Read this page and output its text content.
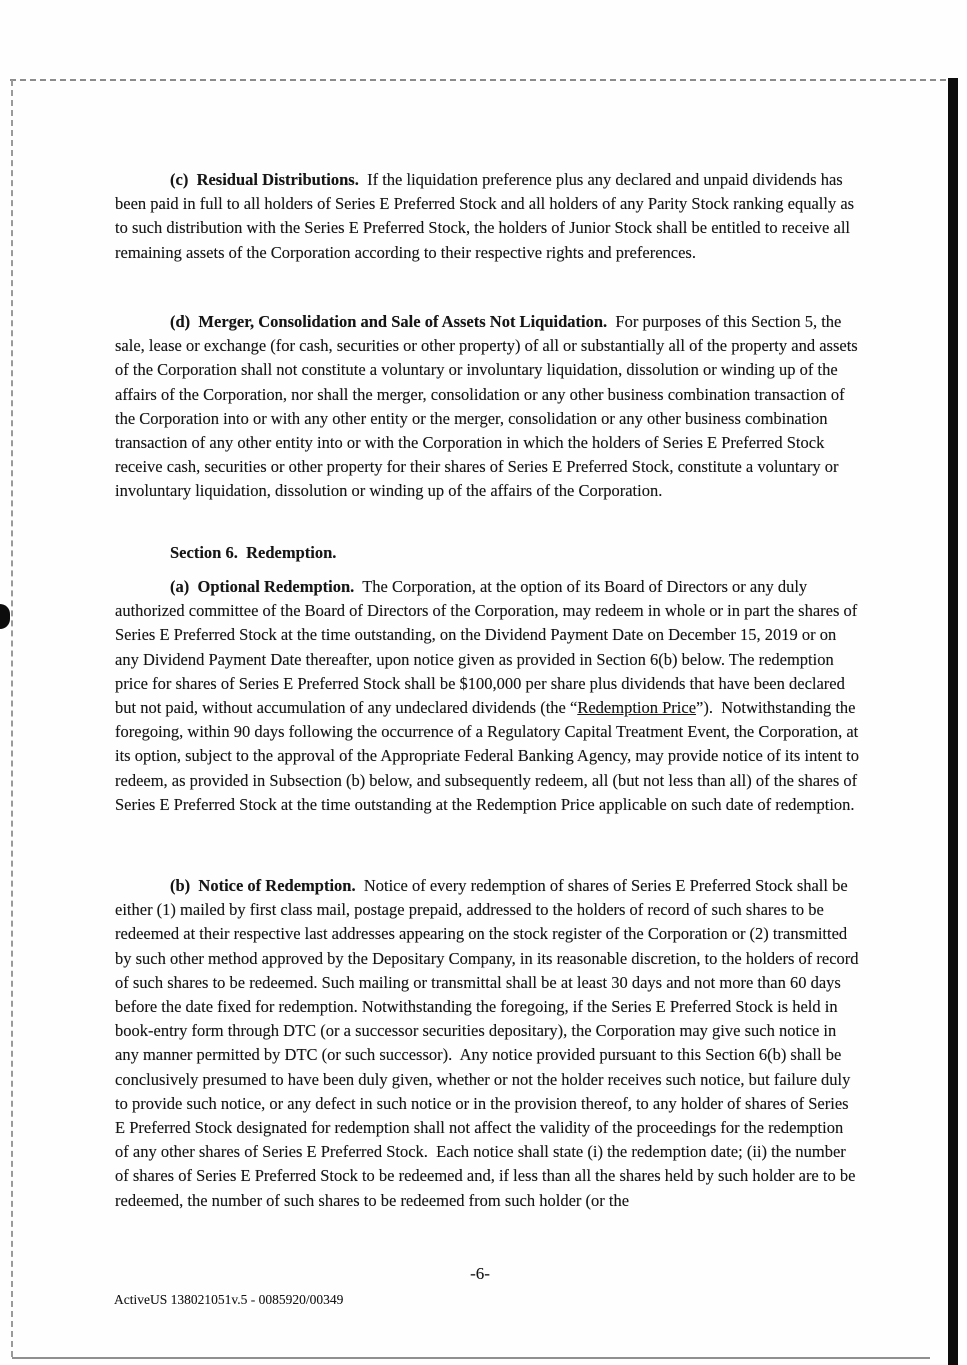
(c)  Residual Distributions.  If the liquidation preference plus any declared and unpaid dividends has been paid in full to all holders of Series E Preferred Stock and all holders of any Parity Stock ranking equally as to such distribution with the Series E Preferred Stock, the holders of Junior Stock shall be entitled to receive all remaining assets of the Corporation according to their respective rights and preferences.

(d)  Merger, Consolidation and Sale of Assets Not Liquidation.  For purposes of this Section 5, the sale, lease or exchange (for cash, securities or other property) of all or substantially all of the property and assets of the Corporation shall not constitute a voluntary or involuntary liquidation, dissolution or winding up of the affairs of the Corporation, nor shall the merger, consolidation or any other business combination transaction of the Corporation into or with any other entity or the merger, consolidation or any other business combination transaction of any other entity into or with the Corporation in which the holders of Series E Preferred Stock receive cash, securities or other property for their shares of Series E Preferred Stock, constitute a voluntary or involuntary liquidation, dissolution or winding up of the affairs of the Corporation.

Section 6.  Redemption.

(a)  Optional Redemption.  The Corporation, at the option of its Board of Directors or any duly authorized committee of the Board of Directors of the Corporation, may redeem in whole or in part the shares of Series E Preferred Stock at the time outstanding, on the Dividend Payment Date on December 15, 2019 or on any Dividend Payment Date thereafter, upon notice given as provided in Section 6(b) below. The redemption price for shares of Series E Preferred Stock shall be $100,000 per share plus dividends that have been declared but not paid, without accumulation of any undeclared dividends (the “Redemption Price”).  Notwithstanding the foregoing, within 90 days following the occurrence of a Regulatory Capital Treatment Event, the Corporation, at its option, subject to the approval of the Appropriate Federal Banking Agency, may provide notice of its intent to redeem, as provided in Subsection (b) below, and subsequently redeem, all (but not less than all) of the shares of Series E Preferred Stock at the time outstanding at the Redemption Price applicable on such date of redemption.

(b)  Notice of Redemption.  Notice of every redemption of shares of Series E Preferred Stock shall be either (1) mailed by first class mail, postage prepaid, addressed to the holders of record of such shares to be redeemed at their respective last addresses appearing on the stock register of the Corporation or (2) transmitted by such other method approved by the Depositary Company, in its reasonable discretion, to the holders of record of such shares to be redeemed. Such mailing or transmittal shall be at least 30 days and not more than 60 days before the date fixed for redemption. Notwithstanding the foregoing, if the Series E Preferred Stock is held in book-entry form through DTC (or a successor securities depositary), the Corporation may give such notice in any manner permitted by DTC (or such successor).  Any notice provided pursuant to this Section 6(b) shall be conclusively presumed to have been duly given, whether or not the holder receives such notice, but failure duly to provide such notice, or any defect in such notice or in the provision thereof, to any holder of shares of Series E Preferred Stock designated for redemption shall not affect the validity of the proceedings for the redemption of any other shares of Series E Preferred Stock.  Each notice shall state (i) the redemption date; (ii) the number of shares of Series E Preferred Stock to be redeemed and, if less than all the shares held by such holder are to be redeemed, the number of such shares to be redeemed from such holder (or the

-6-
ActiveUS 138021051v.5 - 0085920/00349
